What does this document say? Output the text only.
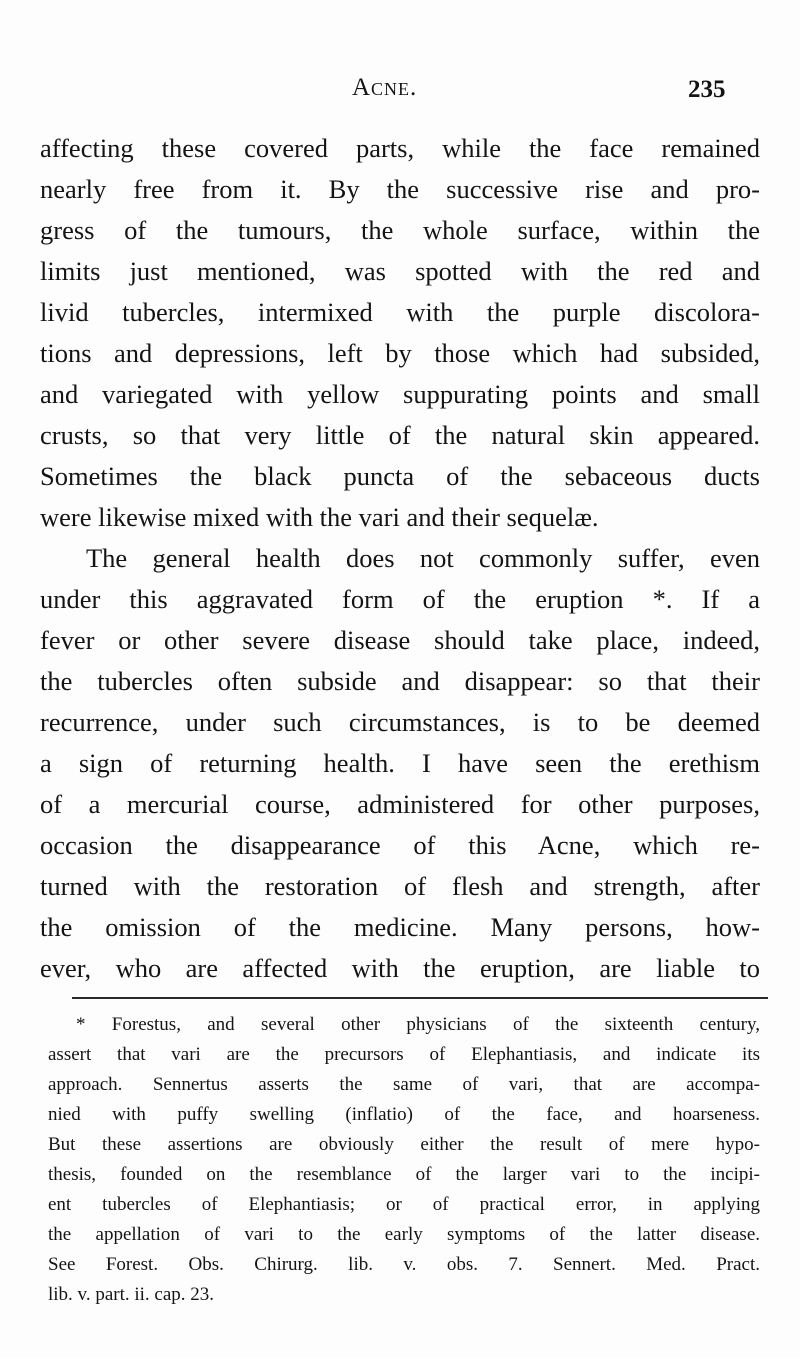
Acne.	235
affecting these covered parts, while the face remained
nearly free from it. By the successive rise and pro-
gress of the tumours, the whole surface, within the
limits just mentioned, was spotted with the red and
livid tubercles, intermixed with the purple discolora-
tions and depressions, left by those which had subsided,
and variegated with yellow suppurating points and small
crusts, so that very little of the natural skin appeared.
Sometimes the black puncta of the sebaceous ducts
were likewise mixed with the vari and their sequelæ.
The general health does not commonly suffer, even
under this aggravated form of the eruption *. If a
fever or other severe disease should take place, indeed,
the tubercles often subside and disappear: so that their
recurrence, under such circumstances, is to be deemed
a sign of returning health. I have seen the erethism
of a mercurial course, administered for other purposes,
occasion the disappearance of this Acne, which re-
turned with the restoration of flesh and strength, after
the omission of the medicine. Many persons, how-
ever, who are affected with the eruption, are liable to
* Forestus, and several other physicians of the sixteenth century,
assert that vari are the precursors of Elephantiasis, and indicate its
approach. Sennertus asserts the same of vari, that are accompa-
nied with puffy swelling (inflatio) of the face, and hoarseness.
But these assertions are obviously either the result of mere hypo-
thesis, founded on the resemblance of the larger vari to the incipi-
ent tubercles of Elephantiasis; or of practical error, in applying
the appellation of vari to the early symptoms of the latter disease.
See Forest. Obs. Chirurg. lib. v. obs. 7. Sennert. Med. Pract.
lib. v. part. ii. cap. 23.
